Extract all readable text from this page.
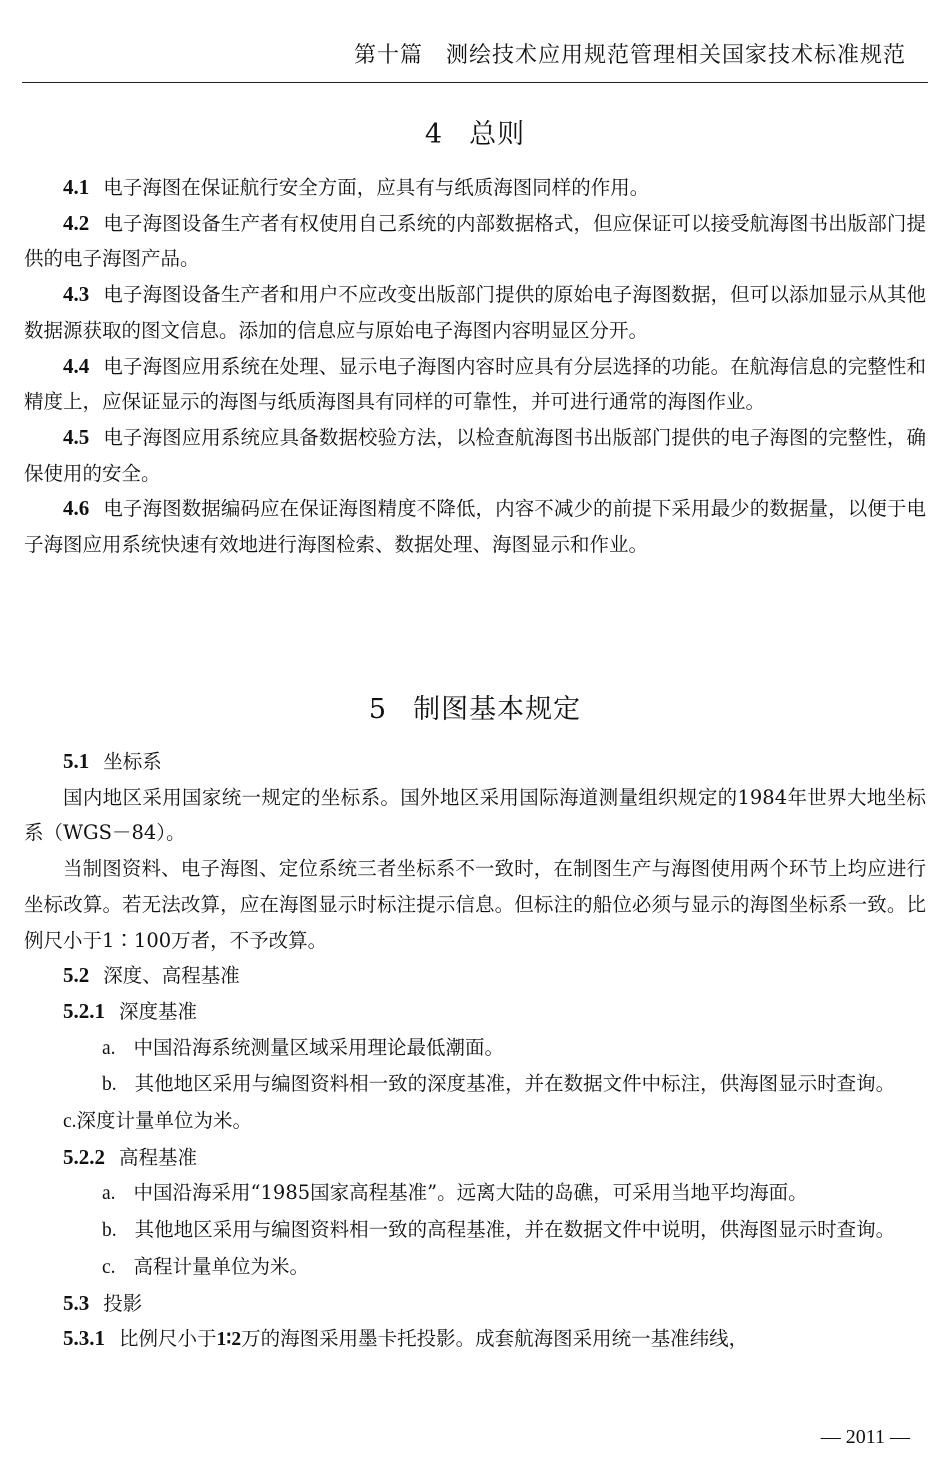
第十篇　测绘技术应用规范管理相关国家技术标准规范
4 总则

4.1 电子海图在保证航行安全方面，应具有与纸质海图同样的作用。

4.2 电子海图设备生产者有权使用自己系统的内部数据格式，但应保证可以接受航海图书出版部门提供的电子海图产品。

4.3 电子海图设备生产者和用户不应改变出版部门提供的原始电子海图数据，但可以添加显示从其他数据源获取的图文信息。添加的信息应与原始电子海图内容明显区分开。

4.4 电子海图应用系统在处理、显示电子海图内容时应具有分层选择的功能。在航海信息的完整性和精度上，应保证显示的海图与纸质海图具有同样的可靠性，并可进行通常的海图作业。

4.5 电子海图应用系统应具备数据校验方法，以检查航海图书出版部门提供的电子海图的完整性，确保使用的安全。

4.6 电子海图数据编码应在保证海图精度不降低，内容不减少的前提下采用最少的数据量，以便于电子海图应用系统快速有效地进行海图检索、数据处理、海图显示和作业。

5 制图基本规定

5.1 坐标系

国内地区采用国家统一规定的坐标系。国外地区采用国际海道测量组织规定的1984年世界大地坐标系（WGS－84）。

当制图资料、电子海图、定位系统三者坐标系不一致时，在制图生产与海图使用两个环节上均应进行坐标改算。若无法改算，应在海图显示时标注提示信息。但标注的船位必须与显示的海图坐标系一致。比例尺小于1∶100万者，不予改算。

5.2 深度、高程基准

5.2.1 深度基准

a. 中国沿海系统测量区域采用理论最低潮面。

b. 其他地区采用与编图资料相一致的深度基准，并在数据文件中标注，供海图显示时查询。

c.深度计量单位为米。

5.2.2 高程基准

a. 中国沿海采用“1985国家高程基准”。远离大陆的岛礁，可采用当地平均海面。

b. 其他地区采用与编图资料相一致的高程基准，并在数据文件中说明，供海图显示时查询。

c. 高程计量单位为米。

5.3 投影

5.3.1 比例尺小于1∶2万的海图采用墨卡托投影。成套航海图采用统一基准纬线，

— 2011 —
